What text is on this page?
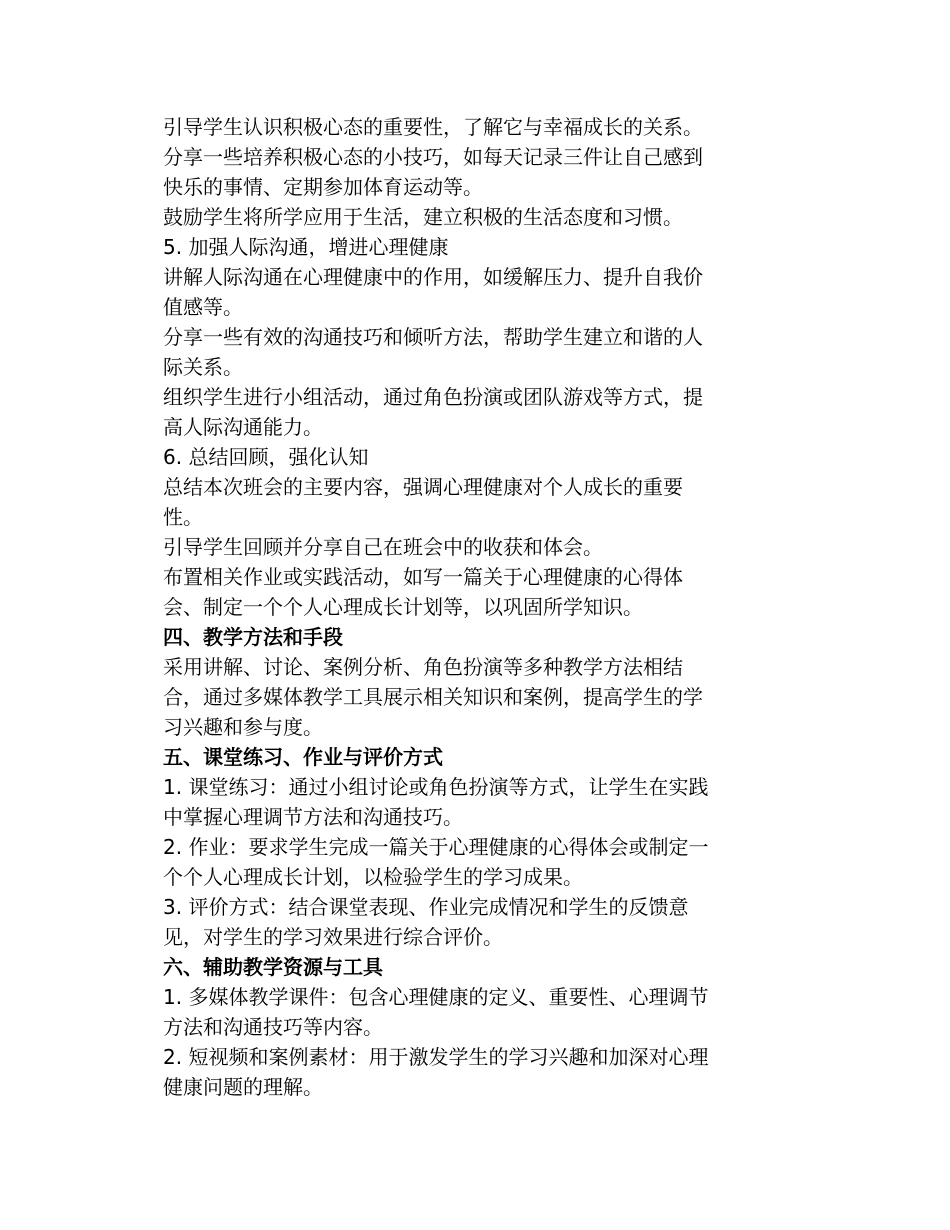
引导学生认识积极心态的重要性，了解它与幸福成长的关系。

分享一些培养积极心态的小技巧，如每天记录三件让自己感到

快乐的事情、定期参加体育运动等。

鼓励学生将所学应用于生活，建立积极的生活态度和习惯。

5. 加强人际沟通，增进心理健康

讲解人际沟通在心理健康中的作用，如缓解压力、提升自我价

值感等。

分享一些有效的沟通技巧和倾听方法，帮助学生建立和谐的人

际关系。

组织学生进行小组活动，通过角色扮演或团队游戏等方式，提

高人际沟通能力。

6. 总结回顾，强化认知

总结本次班会的主要内容，强调心理健康对个人成长的重要

性。

引导学生回顾并分享自己在班会中的收获和体会。

布置相关作业或实践活动，如写一篇关于心理健康的心得体

会、制定一个个人心理成长计划等，以巩固所学知识。

四、教学方法和手段

采用讲解、讨论、案例分析、角色扮演等多种教学方法相结

合，通过多媒体教学工具展示相关知识和案例，提高学生的学

习兴趣和参与度。

五、课堂练习、作业与评价方式

1. 课堂练习：通过小组讨论或角色扮演等方式，让学生在实践

中掌握心理调节方法和沟通技巧。

2. 作业：要求学生完成一篇关于心理健康的心得体会或制定一

个个人心理成长计划，以检验学生的学习成果。

3. 评价方式：结合课堂表现、作业完成情况和学生的反馈意

见，对学生的学习效果进行综合评价。

六、辅助教学资源与工具

1. 多媒体教学课件：包含心理健康的定义、重要性、心理调节

方法和沟通技巧等内容。

2. 短视频和案例素材：用于激发学生的学习兴趣和加深对心理

健康问题的理解。
